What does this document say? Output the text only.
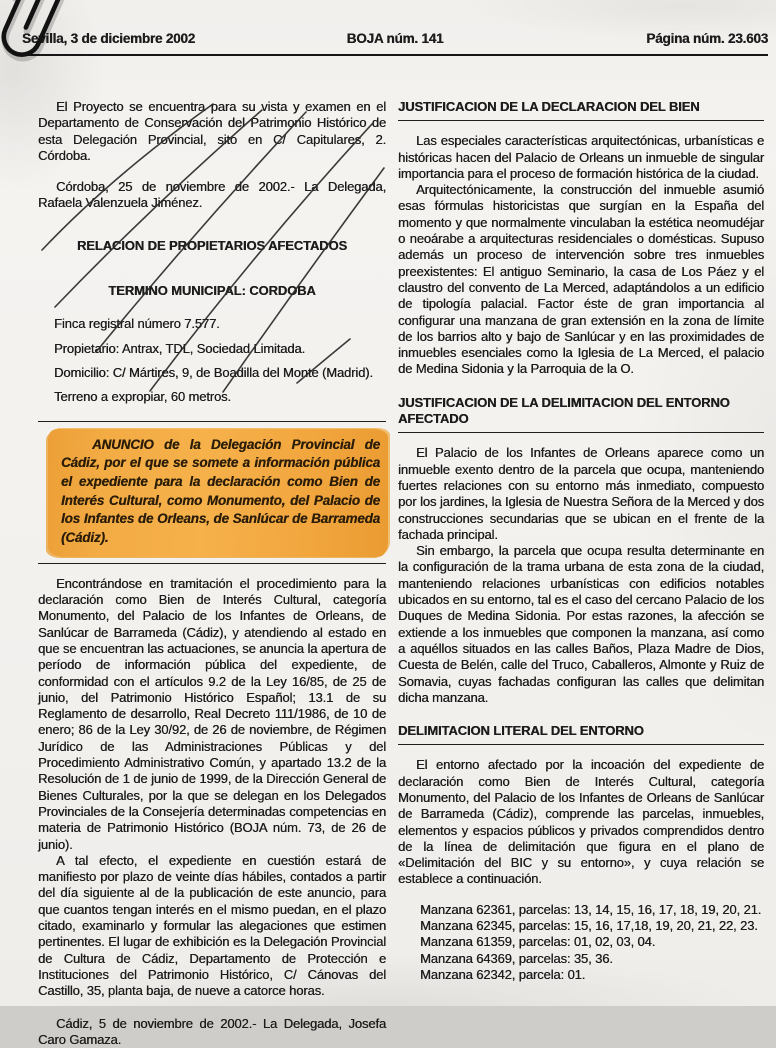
Sevilla, 3 de diciembre 2002	BOJA núm. 141	Página núm. 23.603

El Proyecto se encuentra para su vista y examen en el Departamento de Conservación del Patrimonio Histórico de esta Delegación Provincial, sito en C/ Capitulares, 2. Córdoba.

Córdoba, 25 de noviembre de 2002.- La Delegada, Rafaela Valenzuela Jiménez.

RELACION DE PROPIETARIOS AFECTADOS

TERMINO MUNICIPAL: CORDOBA

Finca registral número 7.577.

Propietario: Antrax, TDL, Sociedad Limitada.

Domicilio: C/ Mártires, 9, de Boadilla del Monte (Madrid).

Terreno a expropiar, 60 metros.

ANUNCIO de la Delegación Provincial de Cádiz, por el que se somete a información pública el expediente para la declaración como Bien de Interés Cultural, como Monumento, del Palacio de los Infantes de Orleans, de Sanlúcar de Barrameda (Cádiz).

Encontrándose en tramitación el procedimiento para la declaración como Bien de Interés Cultural, categoría Monumento, del Palacio de los Infantes de Orleans, de Sanlúcar de Barrameda (Cádiz), y atendiendo al estado en que se encuentran las actuaciones, se anuncia la apertura de período de información pública del expediente, de conformidad con el artículos 9.2 de la Ley 16/85, de 25 de junio, del Patrimonio Histórico Español; 13.1 de su Reglamento de desarrollo, Real Decreto 111/1986, de 10 de enero; 86 de la Ley 30/92, de 26 de noviembre, de Régimen Jurídico de las Administraciones Públicas y del Procedimiento Administrativo Común, y apartado 13.2 de la Resolución de 1 de junio de 1999, de la Dirección General de Bienes Culturales, por la que se delegan en los Delegados Provinciales de la Consejería determinadas competencias en materia de Patrimonio Histórico (BOJA núm. 73, de 26 de junio).

A tal efecto, el expediente en cuestión estará de manifiesto por plazo de veinte días hábiles, contados a partir del día siguiente al de la publicación de este anuncio, para que cuantos tengan interés en el mismo puedan, en el plazo citado, examinarlo y formular las alegaciones que estimen pertinentes. El lugar de exhibición es la Delegación Provincial de Cultura de Cádiz, Departamento de Protección e Instituciones del Patrimonio Histórico, C/ Cánovas del Castillo, 35, planta baja, de nueve a catorce horas.

Cádiz, 5 de noviembre de 2002.- La Delegada, Josefa Caro Gamaza.

JUSTIFICACION DE LA DECLARACION DEL BIEN

Las especiales características arquitectónicas, urbanísticas e históricas hacen del Palacio de Orleans un inmueble de singular importancia para el proceso de formación histórica de la ciudad.

Arquitectónicamente, la construcción del inmueble asumió esas fórmulas historicistas que surgían en la España del momento y que normalmente vinculaban la estética neomudéjar o neoárabe a arquitecturas residenciales o domésticas. Supuso además un proceso de intervención sobre tres inmuebles preexistentes: El antiguo Seminario, la casa de Los Páez y el claustro del convento de La Merced, adaptándolos a un edificio de tipología palacial. Factor éste de gran importancia al configurar una manzana de gran extensión en la zona de límite de los barrios alto y bajo de Sanlúcar y en las proximidades de inmuebles esenciales como la Iglesia de La Merced, el palacio de Medina Sidonia y la Parroquia de la O.

JUSTIFICACION DE LA DELIMITACION DEL ENTORNO AFECTADO

El Palacio de los Infantes de Orleans aparece como un inmueble exento dentro de la parcela que ocupa, manteniendo fuertes relaciones con su entorno más inmediato, compuesto por los jardines, la Iglesia de Nuestra Señora de la Merced y dos construcciones secundarias que se ubican en el frente de la fachada principal.

Sin embargo, la parcela que ocupa resulta determinante en la configuración de la trama urbana de esta zona de la ciudad, manteniendo relaciones urbanísticas con edificios notables ubicados en su entorno, tal es el caso del cercano Palacio de los Duques de Medina Sidonia. Por estas razones, la afección se extiende a los inmuebles que componen la manzana, así como a aquéllos situados en las calles Baños, Plaza Madre de Dios, Cuesta de Belén, calle del Truco, Caballeros, Almonte y Ruiz de Somavia, cuyas fachadas configuran las calles que delimitan dicha manzana.

DELIMITACION LITERAL DEL ENTORNO

El entorno afectado por la incoación del expediente de declaración como Bien de Interés Cultural, categoría Monumento, del Palacio de los Infantes de Orleans de Sanlúcar de Barrameda (Cádiz), comprende las parcelas, inmuebles, elementos y espacios públicos y privados comprendidos dentro de la línea de delimitación que figura en el plano de «Delimitación del BIC y su entorno», y cuya relación se establece a continuación.

Manzana 62361, parcelas: 13, 14, 15, 16, 17, 18, 19, 20, 21.

Manzana 62345, parcelas: 15, 16, 17,18, 19, 20, 21, 22, 23.

Manzana 61359, parcelas: 01, 02, 03, 04.

Manzana 64369, parcelas: 35, 36.

Manzana 62342, parcela: 01.
